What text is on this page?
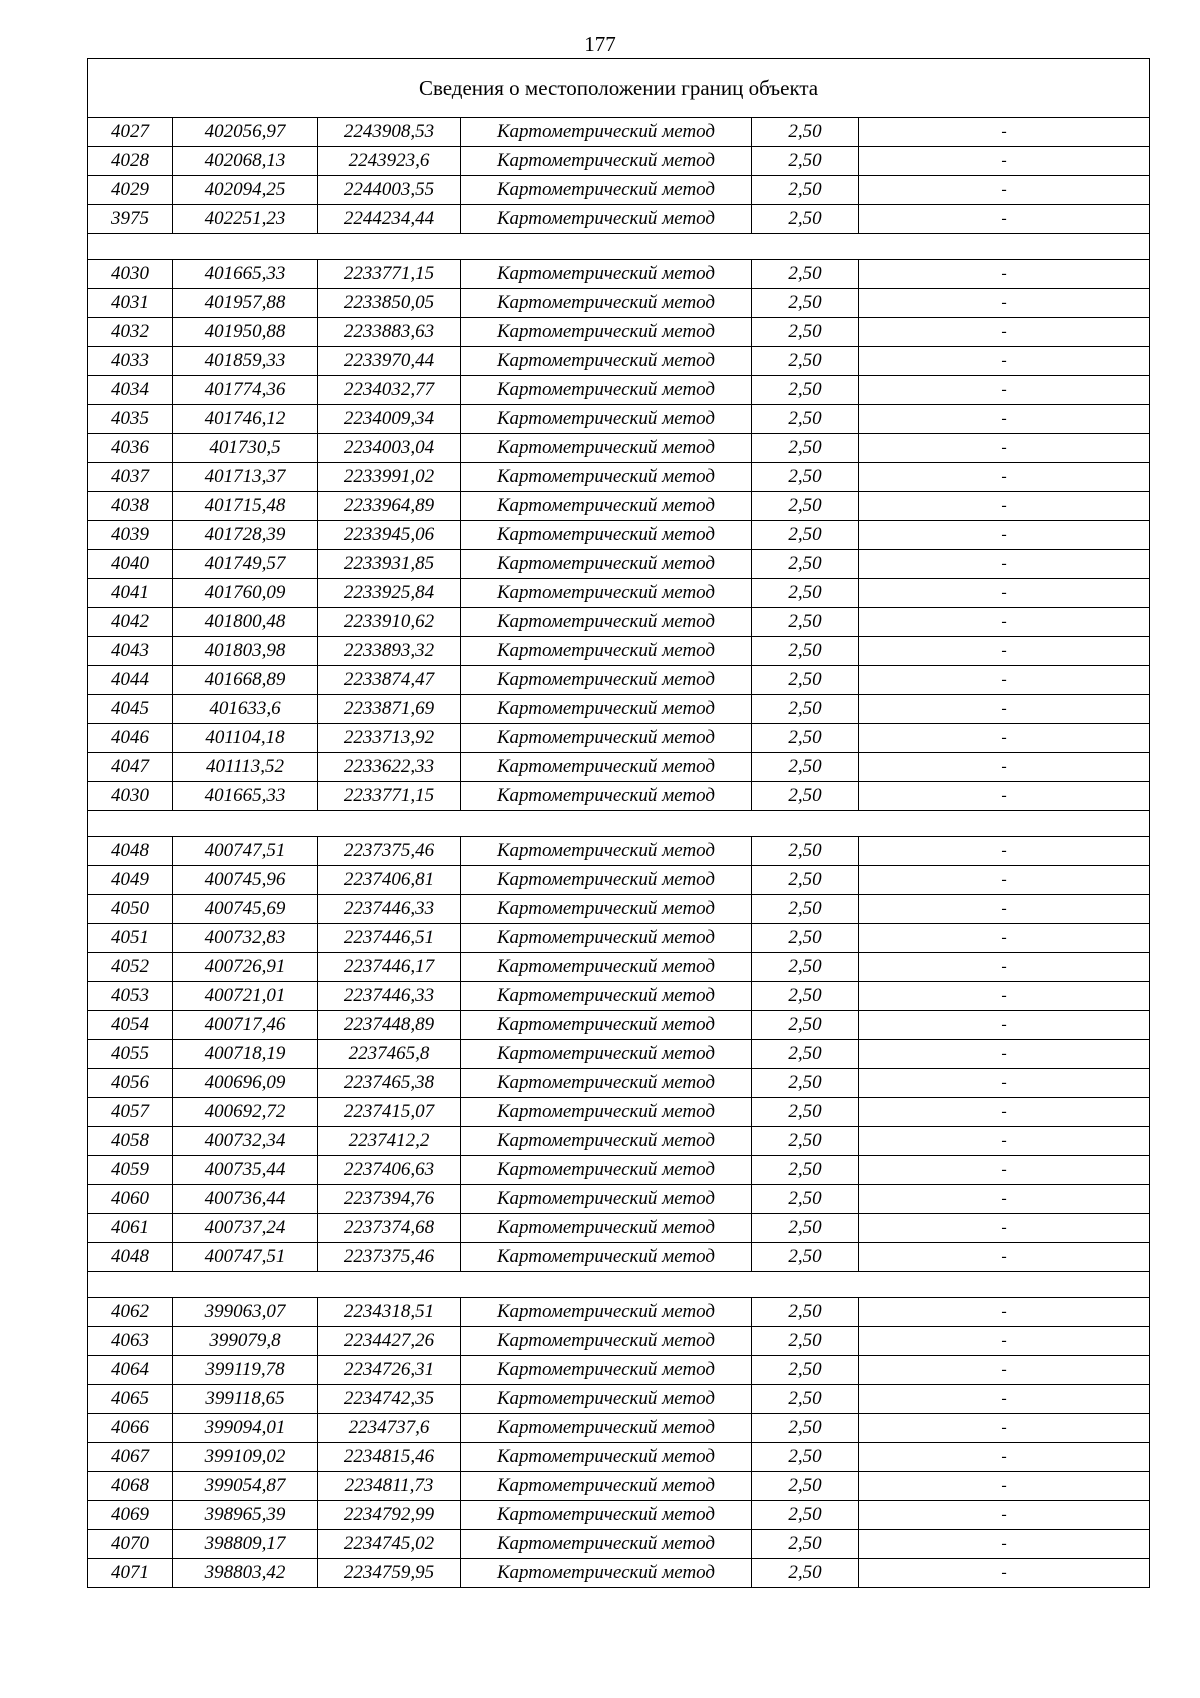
177
Сведения о местоположении границ объекта					
4027	402056,97	2243908,53	Картометрический метод	2,50	-
4028	402068,13	2243923,6	Картометрический метод	2,50	-
4029	402094,25	2244003,55	Картометрический метод	2,50	-
3975	402251,23	2244234,44	Картометрический метод	2,50	-

4030	401665,33	2233771,15	Картометрический метод	2,50	-
4031	401957,88	2233850,05	Картометрический метод	2,50	-
4032	401950,88	2233883,63	Картометрический метод	2,50	-
4033	401859,33	2233970,44	Картометрический метод	2,50	-
4034	401774,36	2234032,77	Картометрический метод	2,50	-
4035	401746,12	2234009,34	Картометрический метод	2,50	-
4036	401730,5	2234003,04	Картометрический метод	2,50	-
4037	401713,37	2233991,02	Картометрический метод	2,50	-
4038	401715,48	2233964,89	Картометрический метод	2,50	-
4039	401728,39	2233945,06	Картометрический метод	2,50	-
4040	401749,57	2233931,85	Картометрический метод	2,50	-
4041	401760,09	2233925,84	Картометрический метод	2,50	-
4042	401800,48	2233910,62	Картометрический метод	2,50	-
4043	401803,98	2233893,32	Картометрический метод	2,50	-
4044	401668,89	2233874,47	Картометрический метод	2,50	-
4045	401633,6	2233871,69	Картометрический метод	2,50	-
4046	401104,18	2233713,92	Картометрический метод	2,50	-
4047	401113,52	2233622,33	Картометрический метод	2,50	-
4030	401665,33	2233771,15	Картометрический метод	2,50	-

4048	400747,51	2237375,46	Картометрический метод	2,50	-
4049	400745,96	2237406,81	Картометрический метод	2,50	-
4050	400745,69	2237446,33	Картометрический метод	2,50	-
4051	400732,83	2237446,51	Картометрический метод	2,50	-
4052	400726,91	2237446,17	Картометрический метод	2,50	-
4053	400721,01	2237446,33	Картометрический метод	2,50	-
4054	400717,46	2237448,89	Картометрический метод	2,50	-
4055	400718,19	2237465,8	Картометрический метод	2,50	-
4056	400696,09	2237465,38	Картометрический метод	2,50	-
4057	400692,72	2237415,07	Картометрический метод	2,50	-
4058	400732,34	2237412,2	Картометрический метод	2,50	-
4059	400735,44	2237406,63	Картометрический метод	2,50	-
4060	400736,44	2237394,76	Картометрический метод	2,50	-
4061	400737,24	2237374,68	Картометрический метод	2,50	-
4048	400747,51	2237375,46	Картометрический метод	2,50	-

4062	399063,07	2234318,51	Картометрический метод	2,50	-
4063	399079,8	2234427,26	Картометрический метод	2,50	-
4064	399119,78	2234726,31	Картометрический метод	2,50	-
4065	399118,65	2234742,35	Картометрический метод	2,50	-
4066	399094,01	2234737,6	Картометрический метод	2,50	-
4067	399109,02	2234815,46	Картометрический метод	2,50	-
4068	399054,87	2234811,73	Картометрический метод	2,50	-
4069	398965,39	2234792,99	Картометрический метод	2,50	-
4070	398809,17	2234745,02	Картометрический метод	2,50	-
4071	398803,42	2234759,95	Картометрический метод	2,50	-
